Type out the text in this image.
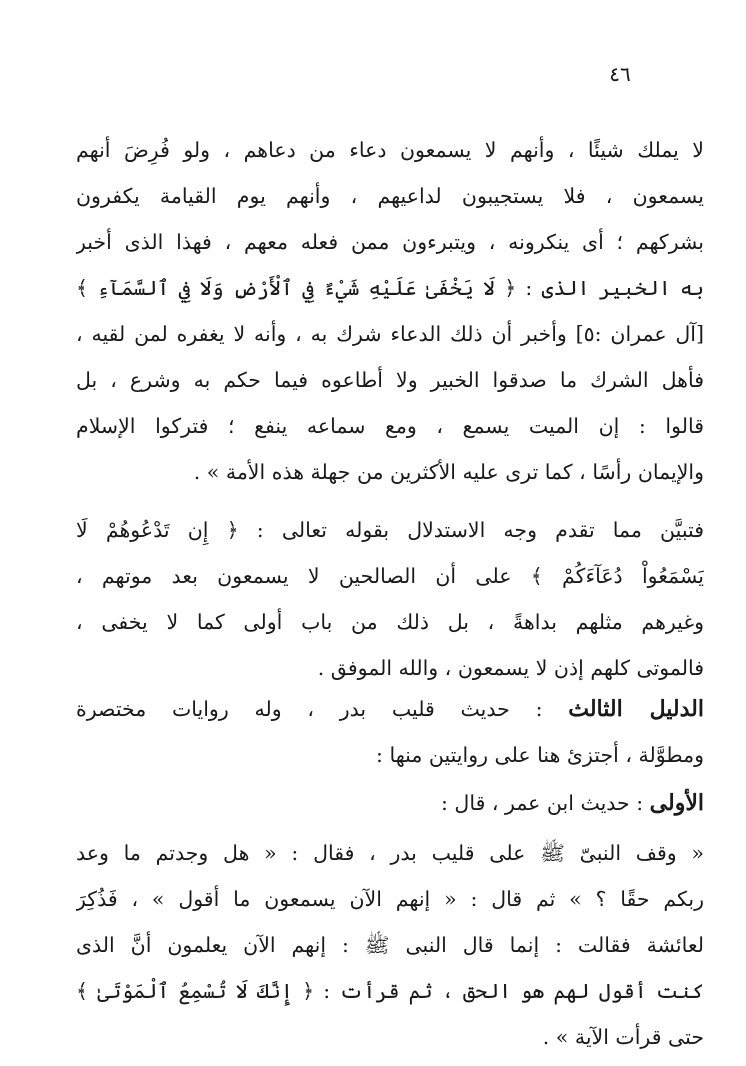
٤٦
لا يملك شيئًا ، وأنهم لا يسمعون دعاء من دعاهم ، ولو فُرِضَ أنهم
يسمعون ، فلا يستجيبون لداعيهم ، وأنهم يوم القيامة يكفرون
بشركهم ؛ أى ينكرونه ، ويتبرءون ممن فعله معهم ، فهذا الذى أخبر
به الخبير الذى : ﴿ لَا يَخْفَىٰ عَلَيْهِ شَيْءٌ فِي ٱلْأَرْضِ وَلَا فِي ٱلسَّمَآءِ ﴾
[آل عمران :٥] وأخبر أن ذلك الدعاء شرك به ، وأنه لا يغفره لمن لقيه ،
فأهل الشرك ما صدقوا الخبير ولا أطاعوه فيما حكم به وشرع ، بل
قالوا : إن الميت يسمع ، ومع سماعه ينفع ؛ فتركوا الإسلام
والإيمان رأسًا ، كما ترى عليه الأكثرين من جهلة هذه الأمة » .
فتبيَّن مما تقدم وجه الاستدلال بقوله تعالى : ﴿ إِن تَدْعُوهُمْ لَا
يَسْمَعُواْ دُعَآءَكُمْ ﴾ على أن الصالحين لا يسمعون بعد موتهم ،
وغيرهم مثلهم بداهةً ، بل ذلك من باب أولى كما لا يخفى ،
فالموتى كلهم إذن لا يسمعون ، والله الموفق .
الدليل الثالث : حديث قليب بدر ، وله روايات مختصرة
ومطوَّلة ، أجتزئ هنا على روايتين منها :
الأولى : حديث ابن عمر ، قال :
« وقف النبىّ ﷺ على قليب بدر ، فقال : « هل وجدتم ما وعد
ربكم حقًا ؟ » ثم قال : « إنهم الآن يسمعون ما أقول » ، فَذُكِرَ
لعائشة فقالت : إنما قال النبى ﷺ : إنهم الآن يعلمون أنَّ الذى
كنت أقول لهم هو الحق ، ثم قرأت : ﴿ إِنَّكَ لَا تُسْمِعُ ٱلْمَوْتَىٰ ﴾
حتى قرأت الآية » .
